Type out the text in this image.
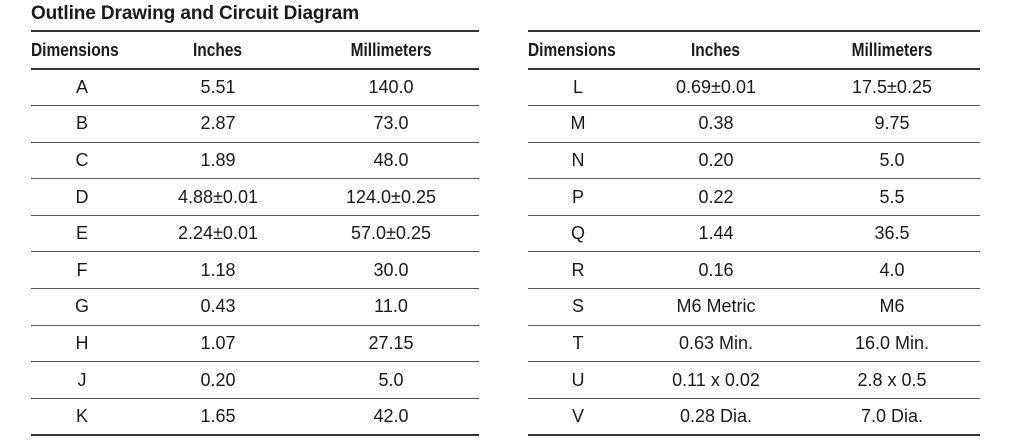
Outline Drawing and Circuit Diagram
Dimensions	Inches	Millimeters
A	5.51	140.0
B	2.87	73.0
C	1.89	48.0
D	4.88±0.01	124.0±0.25
E	2.24±0.01	57.0±0.25
F	1.18	30.0
G	0.43	11.0
H	1.07	27.15
J	0.20	5.0
K	1.65	42.0
Dimensions	Inches	Millimeters
L	0.69±0.01	17.5±0.25
M	0.38	9.75
N	0.20	5.0
P	0.22	5.5
Q	1.44	36.5
R	0.16	4.0
S	M6 Metric	M6
T	0.63 Min.	16.0 Min.
U	0.11 x 0.02	2.8 x 0.5
V	0.28 Dia.	7.0 Dia.
